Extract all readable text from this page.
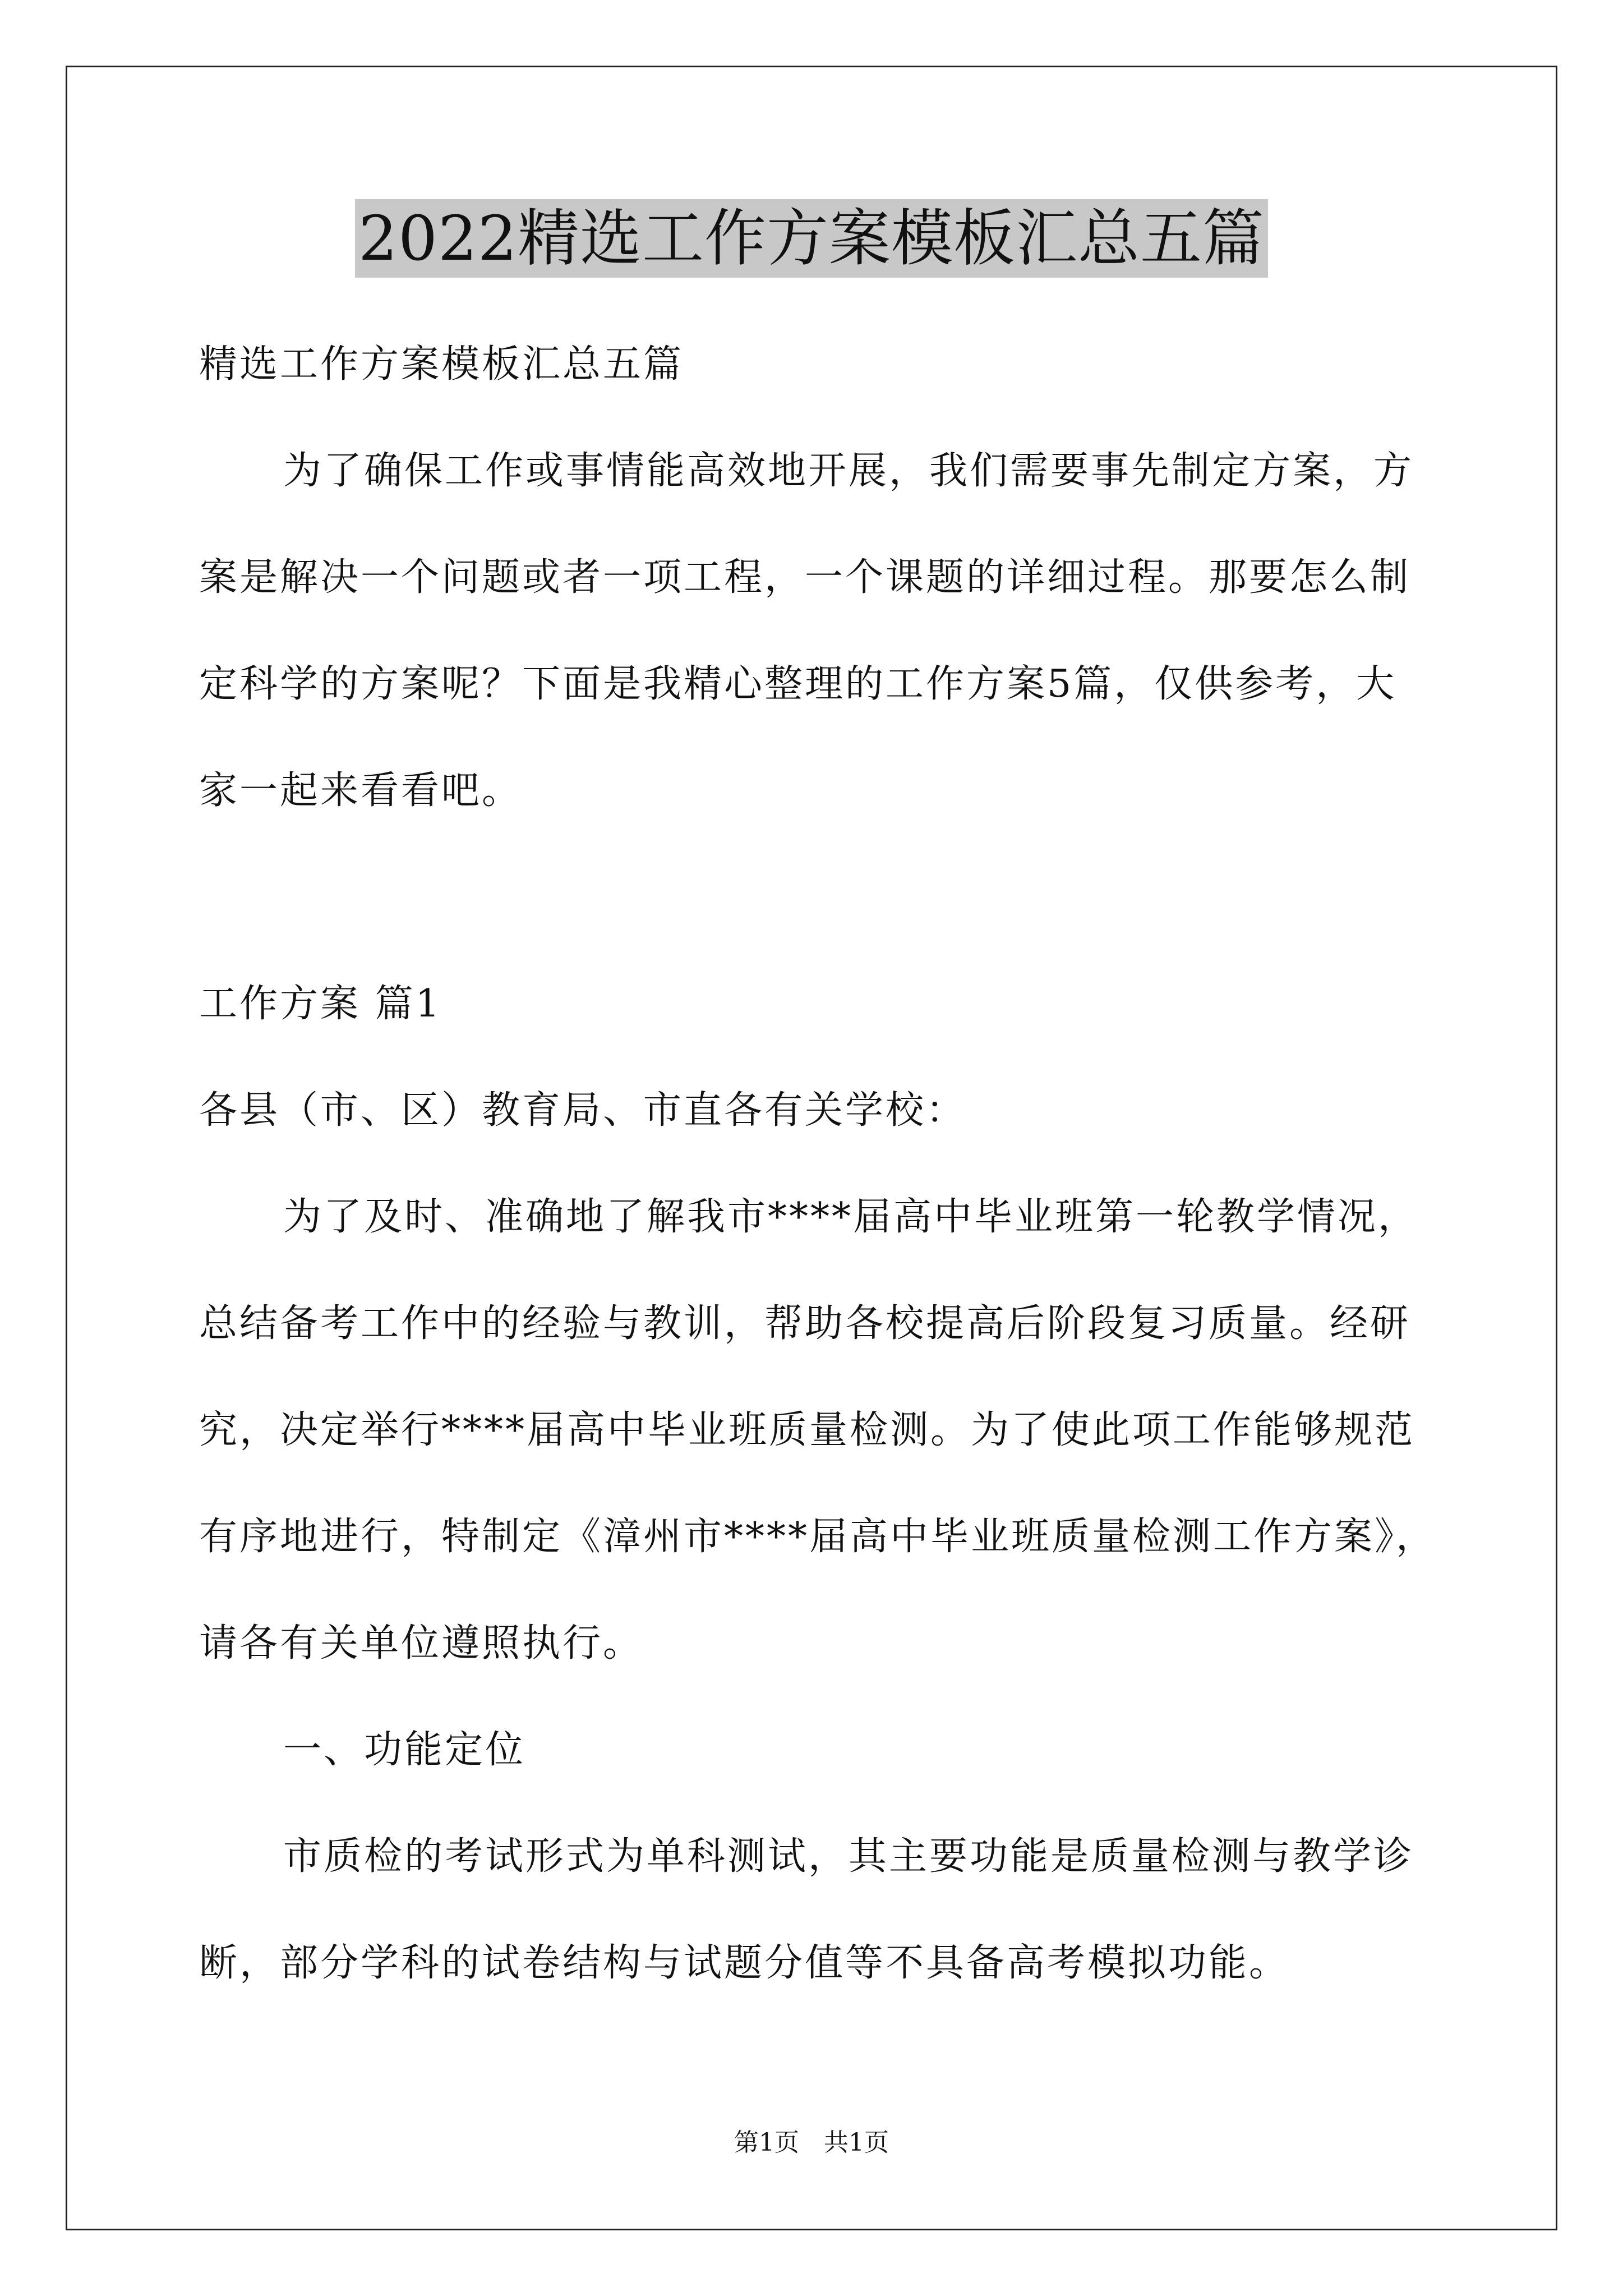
2022精选工作方案模板汇总五篇
精选工作方案模板汇总五篇
为了确保工作或事情能高效地开展，我们需要事先制定方案，方
案是解决一个问题或者一项工程，一个课题的详细过程。那要怎么制
定科学的方案呢？下面是我精心整理的工作方案5篇，仅供参考，大
家一起来看看吧。
工作方案 篇1
各县（市、区）教育局、市直各有关学校：
为了及时、准确地了解我市****届高中毕业班第一轮教学情况，
总结备考工作中的经验与教训，帮助各校提高后阶段复习质量。经研
究，决定举行****届高中毕业班质量检测。为了使此项工作能够规范
有序地进行，特制定《漳州市****届高中毕业班质量检测工作方案》，
请各有关单位遵照执行。
一、功能定位
市质检的考试形式为单科测试，其主要功能是质量检测与教学诊
断，部分学科的试卷结构与试题分值等不具备高考模拟功能。
第1页　共1页
